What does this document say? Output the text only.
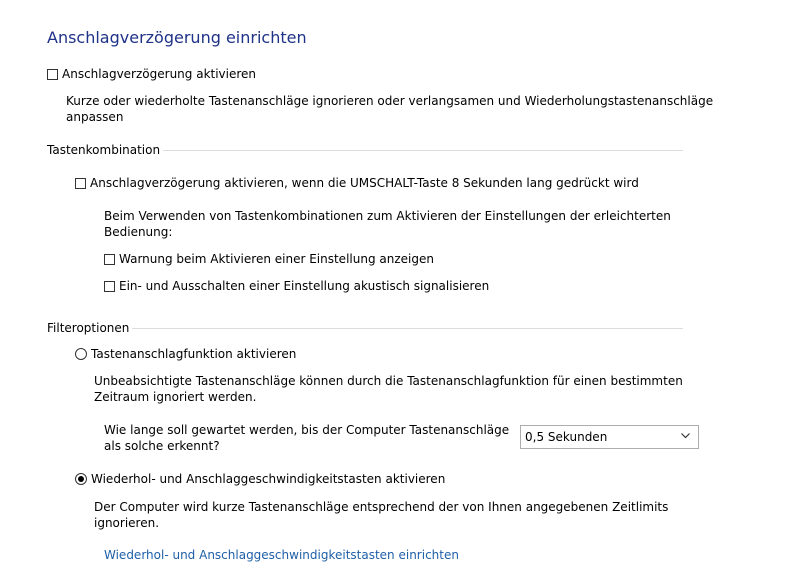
Anschlagverzögerung einrichten
Anschlagverzögerung aktivieren
Kurze oder wiederholte Tastenanschläge ignorieren oder verlangsamen und Wiederholungstastenanschläge
anpassen
Tastenkombination
Anschlagverzögerung aktivieren, wenn die UMSCHALT-Taste 8 Sekunden lang gedrückt wird
Beim Verwenden von Tastenkombinationen zum Aktivieren der Einstellungen der erleichterten
Bedienung:
Warnung beim Aktivieren einer Einstellung anzeigen
Ein- und Ausschalten einer Einstellung akustisch signalisieren
Filteroptionen
Tastenanschlagfunktion aktivieren
Unbeabsichtigte Tastenanschläge können durch die Tastenanschlagfunktion für einen bestimmten
Zeitraum ignoriert werden.
Wie lange soll gewartet werden, bis der Computer Tastenanschläge
als solche erkennt?
0,5 Sekunden
Wiederhol- und Anschlaggeschwindigkeitstasten aktivieren
Der Computer wird kurze Tastenanschläge entsprechend der von Ihnen angegebenen Zeitlimits
ignorieren.
Wiederhol- und Anschlaggeschwindigkeitstasten einrichten
